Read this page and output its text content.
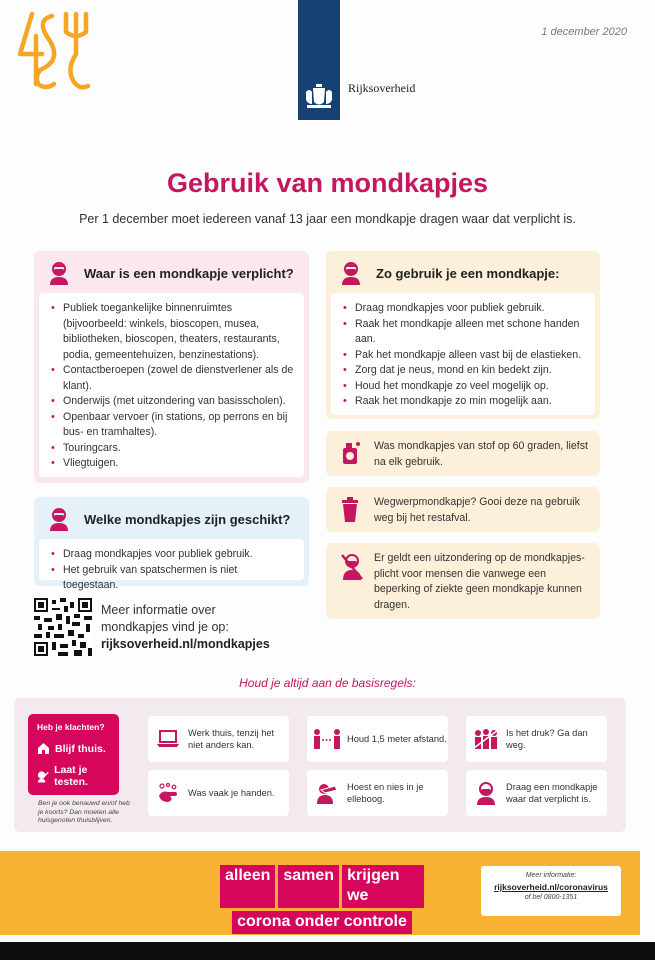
1 december 2020
Rijksoverheid
Gebruik van mondkapjes
Per 1 december moet iedereen vanaf 13 jaar een mondkapje dragen waar dat verplicht is.
Waar is een mondkapje verplicht?
• Publiek toegankelijke binnenruimtes (bijvoorbeeld: winkels, bioscopen, musea, bibliotheken, bioscopen, theaters, restaurants, podia, gemeentehuizen, benzinestations).
• Contactberoepen (zowel de dienstverlener als de klant).
• Onderwijs (met uitzondering van basisscholen).
• Openbaar vervoer (in stations, op perrons en bij bus- en tramhaltes).
• Touringcars.
• Vliegtuigen.
Welke mondkapjes zijn geschikt?
• Draag mondkapjes voor publiek gebruik.
• Het gebruik van spatschermen is niet toegestaan.
Zo gebruik je een mondkapje:
• Draag mondkapjes voor publiek gebruik.
• Raak het mondkapje alleen met schone handen aan.
• Pak het mondkapje alleen vast bij de elastieken.
• Zorg dat je neus, mond en kin bedekt zijn.
• Houd het mondkapje zo veel mogelijk op.
• Raak het mondkapje zo min mogelijk aan.
Was mondkapjes van stof op 60 graden, liefst na elk gebruik.
Wegwerpmondkapje? Gooi deze na gebruik weg bij het restafval.
Er geldt een uitzondering op de mondkapjes-plicht voor mensen die vanwege een beperking of ziekte geen mondkapje kunnen dragen.
Meer informatie over
mondkapjes vind je op:
rijksoverheid.nl/mondkapjes
Houd je altijd aan de basisregels:
Heb je klachten?
Blijf thuis.
Laat je testen.
Ben je ook benauwd en/of heb je koorts? Dan moeten alle huisgenoten thuisblijven.
Werk thuis, tenzij het niet anders kan.
Houd 1,5 meter afstand.
Is het druk? Ga dan weg.
Was vaak je handen.
Hoest en nies in je elleboog.
Draag een mondkapje waar dat verplicht is.
alleen samen krijgen we
corona onder controle
Meer informatie:
rijksoverheid.nl/coronavirus
of bel 0800-1351
